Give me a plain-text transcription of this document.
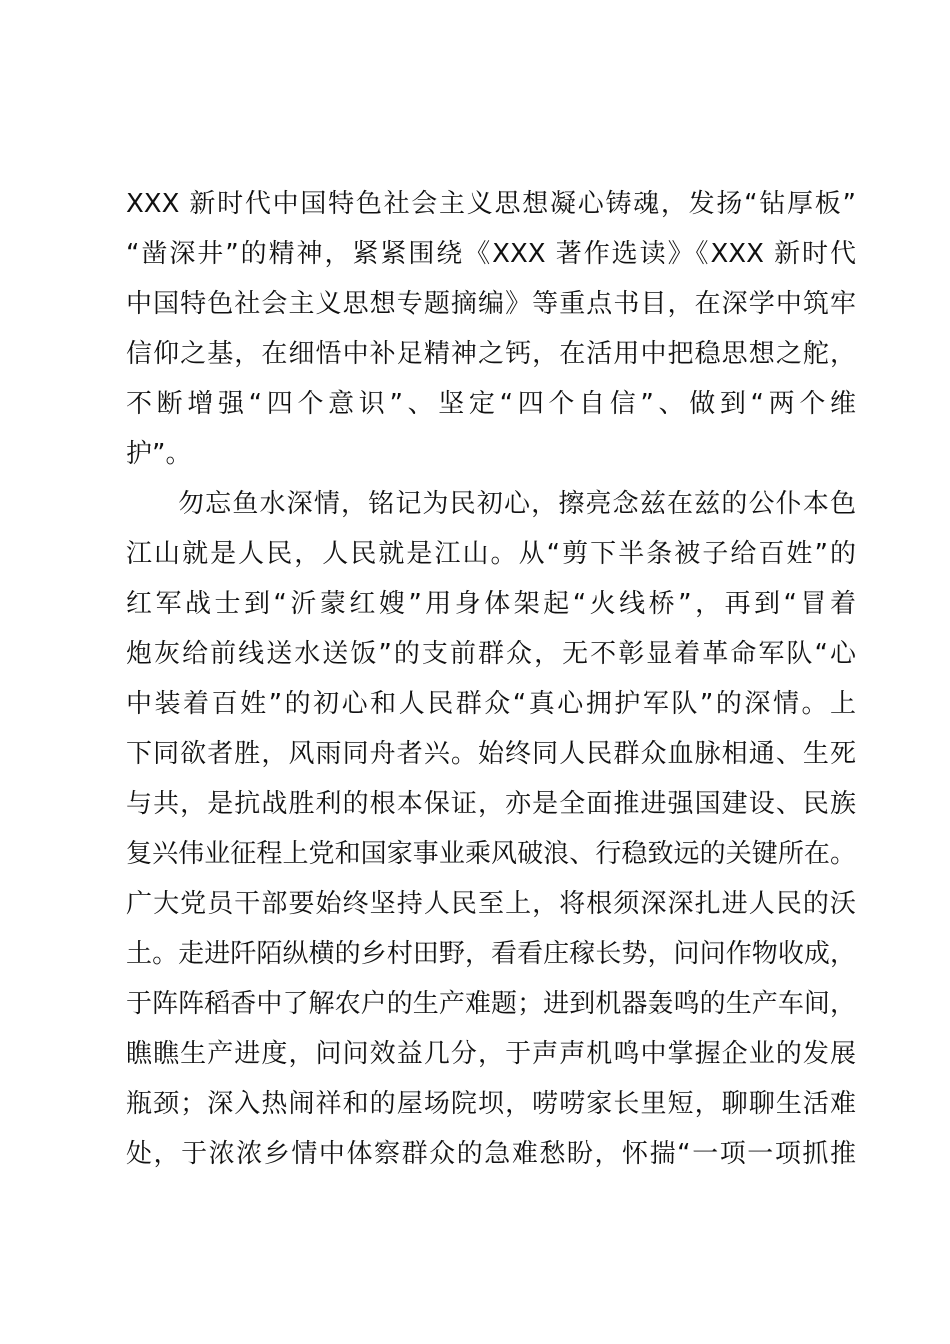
XXX 新时代中国特色社会主义思想凝心铸魂，发扬“钻厚板”
“凿深井”的精神，紧紧围绕《XXX 著作选读》《XXX 新时代
中国特色社会主义思想专题摘编》等重点书目，在深学中筑牢
信仰之基，在细悟中补足精神之钙，在活用中把稳思想之舵，
不断增强“四个意识”、坚定“四个自信”、做到“两个维
护”。
勿忘鱼水深情，铭记为民初心，擦亮念兹在兹的公仆本色
江山就是人民，人民就是江山。从“剪下半条被子给百姓”的
红军战士到“沂蒙红嫂”用身体架起“火线桥”，再到“冒着
炮灰给前线送水送饭”的支前群众，无不彰显着革命军队“心
中装着百姓”的初心和人民群众“真心拥护军队”的深情。上
下同欲者胜，风雨同舟者兴。始终同人民群众血脉相通、生死
与共，是抗战胜利的根本保证，亦是全面推进强国建设、民族
复兴伟业征程上党和国家事业乘风破浪、行稳致远的关键所在。
广大党员干部要始终坚持人民至上，将根须深深扎进人民的沃
土。走进阡陌纵横的乡村田野，看看庄稼长势，问问作物收成，
于阵阵稻香中了解农户的生产难题；进到机器轰鸣的生产车间，
瞧瞧生产进度，问问效益几分，于声声机鸣中掌握企业的发展
瓶颈；深入热闹祥和的屋场院坝，唠唠家长里短，聊聊生活难
处，于浓浓乡情中体察群众的急难愁盼，怀揣“一项一项抓推
